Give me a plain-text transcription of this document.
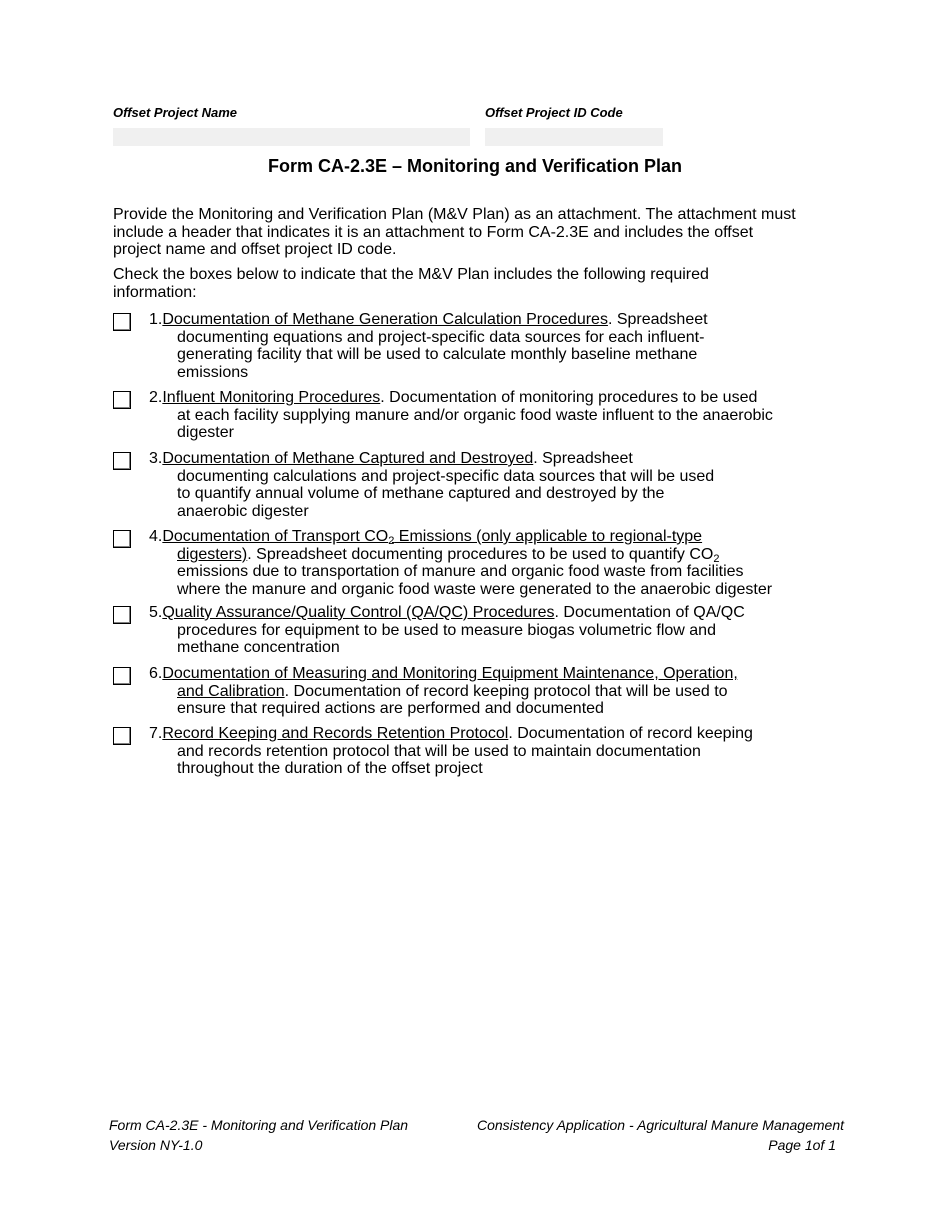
Offset Project Name	Offset Project ID Code
Form CA-2.3E – Monitoring and Verification Plan
Provide the Monitoring and Verification Plan (M&V Plan) as an attachment. The attachment must
include a header that indicates it is an attachment to Form CA-2.3E and includes the offset
project name and offset project ID code.
Check the boxes below to indicate that the M&V Plan includes the following required
information:
1.Documentation of Methane Generation Calculation Procedures. Spreadsheet
documenting equations and project-specific data sources for each influent-
generating facility that will be used to calculate monthly baseline methane
emissions
2.Influent Monitoring Procedures. Documentation of monitoring procedures to be used
at each facility supplying manure and/or organic food waste influent to the anaerobic
digester
3.Documentation of Methane Captured and Destroyed. Spreadsheet
documenting calculations and project-specific data sources that will be used
to quantify annual volume of methane captured and destroyed by the
anaerobic digester
4.Documentation of Transport $CO_2$ Emissions (only applicable to regional-type
digesters). Spreadsheet documenting procedures to be used to quantify $CO_2$
emissions due to transportation of manure and organic food waste from facilities
where the manure and organic food waste were generated to the anaerobic digester
5.Quality Assurance/Quality Control (QA/QC) Procedures. Documentation of QA/QC
procedures for equipment to be used to measure biogas volumetric flow and
methane concentration
6.Documentation of Measuring and Monitoring Equipment Maintenance, Operation,
and Calibration. Documentation of record keeping protocol that will be used to
ensure that required actions are performed and documented
7.Record Keeping and Records Retention Protocol. Documentation of record keeping
and records retention protocol that will be used to maintain documentation
throughout the duration of the offset project
Form CA-2.3E - Monitoring and Verification Plan
Version NY-1.0
Consistency Application - Agricultural Manure Management
Page 1of 1
